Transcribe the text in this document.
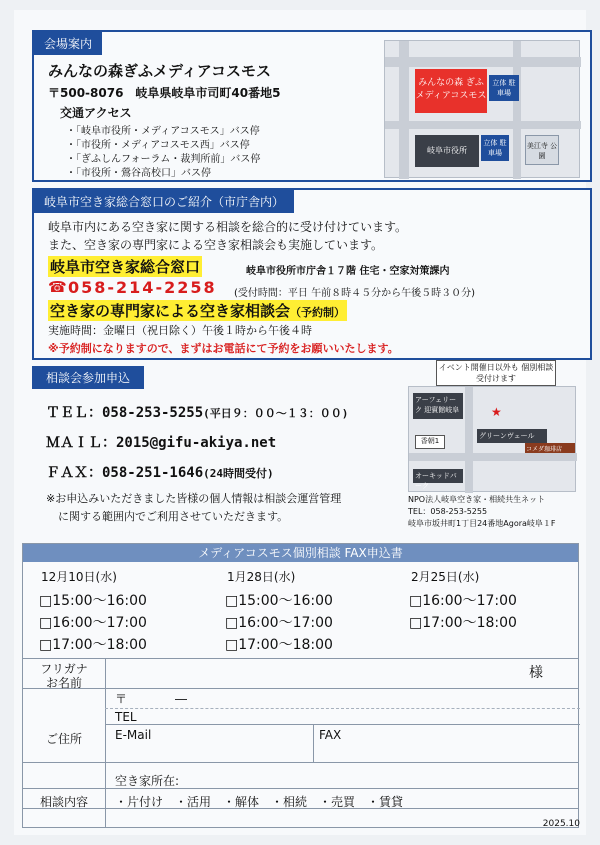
会場案内
みんなの森ぎふメディアコスモス
〒500-8076　岐阜県岐阜市司町40番地5
交通アクセス
・「岐阜市役所・メディアコスモス」バス停
・「市役所・メディアコスモス西」バス停
・「ぎふしんフォーラム・裁判所前」バス停
・「市役所・鶯谷高校口」バス停
みんなの森 ぎふ メディアコスモス
立体 駐車場
岐阜市役所
立体 駐車場
美江寺 公園
岐阜市空き家総合窓口のご紹介（市庁舎内）
岐阜市内にある空き家に関する相談を総合的に受け付けています。
また、空き家の専門家による空き家相談会も実施しています。
岐阜市空き家総合窓口	岐阜市役所市庁舎１７階 住宅・空家対策課内
☎ 058-214-2258 (受付時間：平日 午前８時４５分から午後５時３０分)
空き家の専門家による空き家相談会（予約制）
実施時間：金曜日（祝日除く）午後１時から午後４時
※予約制になりますので、まずはお電話にて予約をお願いいたします。
相談会参加申込
ＴＥＬ：058-253-5255(平日９：００～１３：００)
ＭＡＩＬ：2015@gifu-akiya.net
ＦＡＸ：058-251-1646(24時間受付)
※お申込みいただきました皆様の個人情報は相談会運営管理
に関する範囲内でご利用させていただきます。
イベント開催日以外も 個別相談受付けます
アーフェリーク 迎賓館岐阜	★
グリーンヴェール
コメダ珈琲店
香朝1
オーキッドパーク
NPO法人岐阜空き家・相続共生ネット
TEL：058-253-5255
岐阜市坂井町1丁目24番地Agora岐阜１F
メディアコスモス個別相談 FAX申込書
12月10日(水)
□15:00～16:00
□16:00～17:00
□17:00～18:00
1月28日(水)
□15:00～16:00
□16:00～17:00
□17:00～18:00
2月25日(水)
□16:00～17:00
□17:00～18:00
フリガナ
お名前
様
ご住所
〒　　　　―
TEL
E-Mail	FAX
空き家所在:
相談内容	・片付け　・活用　・解体　・相続　・売買　・賃貸
2025.10
